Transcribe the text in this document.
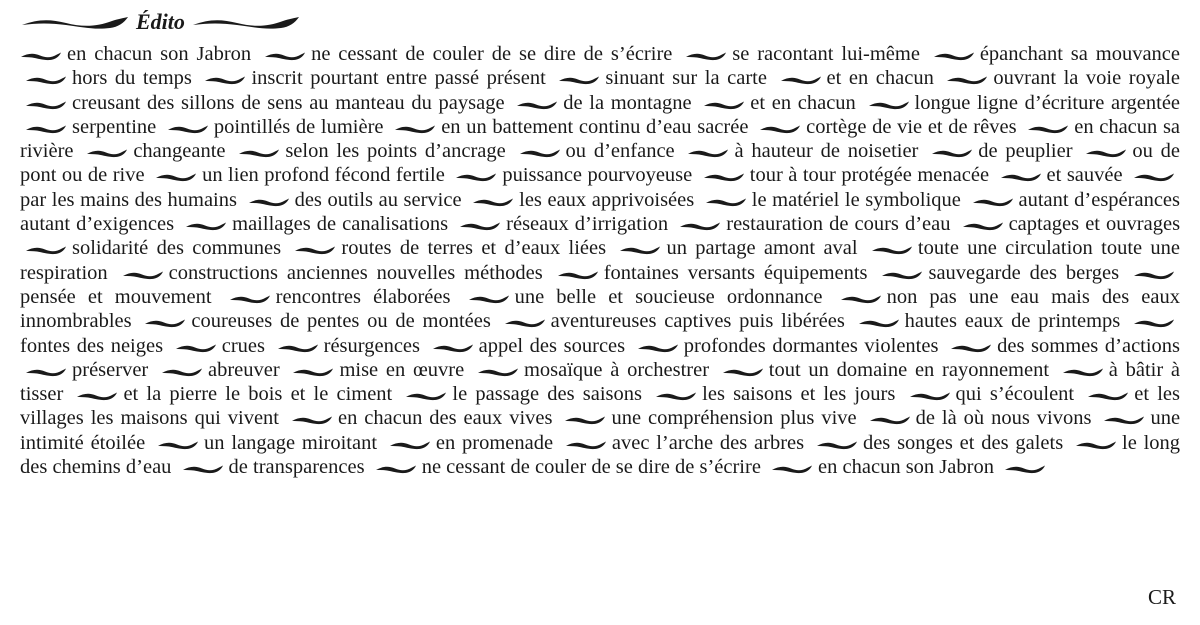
Édito
en chacun son Jabron	ne cessant de couler de se dire de s’écrire	se racontant lui-même	épanchant sa mouvance hors du temps	inscrit pourtant entre passé présent	sinuant sur la carte	et en chacun	ouvrant la voie royale creusant des sillons de sens au manteau du paysage	de la montagne	et en chacun	longue ligne d’écriture argentée serpentine	pointillés de lumière	en un battement continu d’eau sacrée	cortège de vie et de rêves	en chacun sa rivière	changeante	selon les points d’ancrage	ou d’enfance	à hauteur de noisetier	de peuplier	ou de pont ou de rive	un lien profond fécond fertile	puissance pourvoyeuse	tour à tour protégée menacée	et sauvée par les mains des humains	des outils au service	les eaux apprivoisées	le matériel le symbolique	autant d’espérances autant d’exigences	maillages de canalisations	réseaux d’irrigation	restauration de cours d’eau	captages et ouvrages solidarité des communes	routes de terres et d’eaux liées	un partage amont aval	toute une circulation toute une respiration	constructions anciennes nouvelles méthodes	fontaines versants équipements	sauvegarde des berges pensée et mouvement	rencontres élaborées	une belle et soucieuse ordonnance	non pas une eau mais des eaux innombrables	coureuses de pentes ou de montées	aventureuses captives puis libérées	hautes eaux de printemps fontes des neiges	crues	résurgences	appel des sources	profondes dormantes violentes	des sommes d’actions préserver	abreuver	mise en œuvre	mosaïque à orchestrer	tout un domaine en rayonnement	à bâtir à tisser	et la pierre le bois et le ciment	le passage des saisons	les saisons et les jours	qui s’écoulent	et les villages les maisons qui vivent	en chacun des eaux vives	une compréhension plus vive	de là où nous vivons	une intimité étoilée	un langage miroitant	en promenade	avec l’arche des arbres	des songes et des galets	le long des chemins d’eau	de transparences	ne cessant de couler de se dire de s’écrire	en chacun son Jabron
CR
